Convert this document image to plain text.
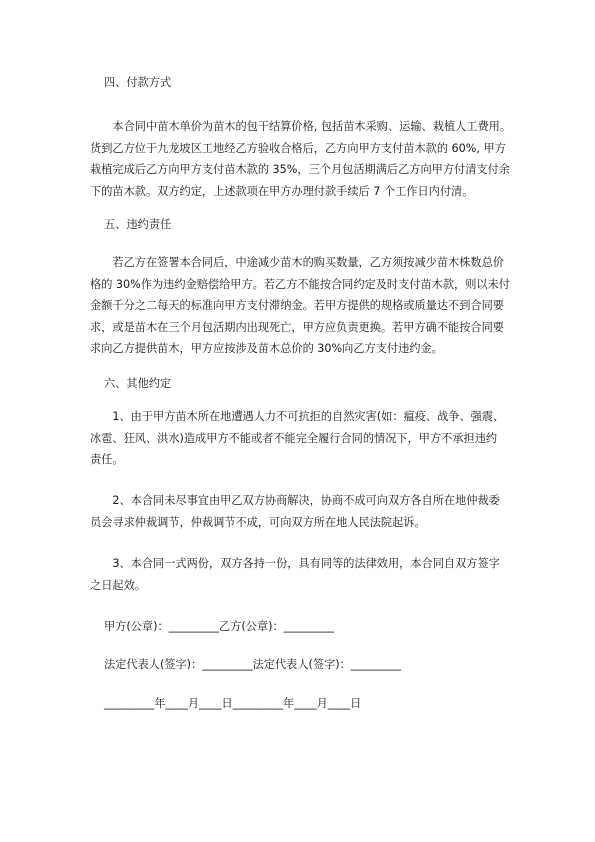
四、付款方式

　　本合同中苗木单价为苗木的包干结算价格, 包括苗木采购、运输、栽植人工费用。

货到乙方位于九龙坡区工地经乙方验收合格后，乙方向甲方支付苗木款的 60%, 甲方

栽植完成后乙方向甲方支付苗木款的 35%，三个月包活期满后乙方向甲方付清支付余

下的苗木款。双方约定，上述款项在甲方办理付款手续后 7 个工作日内付清。

五、违约责任

　　若乙方在签署本合同后，中途减少苗木的购买数量，乙方须按减少苗木株数总价

格的 30%作为违约金赔偿给甲方。若乙方不能按合同约定及时支付苗木款，则以未付

金额千分之二每天的标准向甲方支付滞纳金。若甲方提供的规格或质量达不到合同要

求，或是苗木在三个月包活期内出现死亡，甲方应负责更换。若甲方确不能按合同要

求向乙方提供苗木，甲方应按涉及苗木总价的 30%向乙方支付违约金。

六、其他约定

　　1、由于甲方苗木所在地遭遇人力不可抗拒的自然灾害(如：瘟疫、战争、强震、

冰雹、狂风、洪水)造成甲方不能或者不能完全履行合同的情况下，甲方不承担违约

责任。

　　2、本合同未尽事宜由甲乙双方协商解决，协商不成可向双方各自所在地仲裁委

员会寻求仲裁调节，仲裁调节不成，可向双方所在地人民法院起诉。

　　3、本合同一式两份，双方各持一份，具有同等的法律效用，本合同自双方签字

之日起效。

甲方(公章)：_________乙方(公章)：_________
法定代表人(签字)：_________法定代表人(签字)：_________
_________年____月____日_________年____月____日
